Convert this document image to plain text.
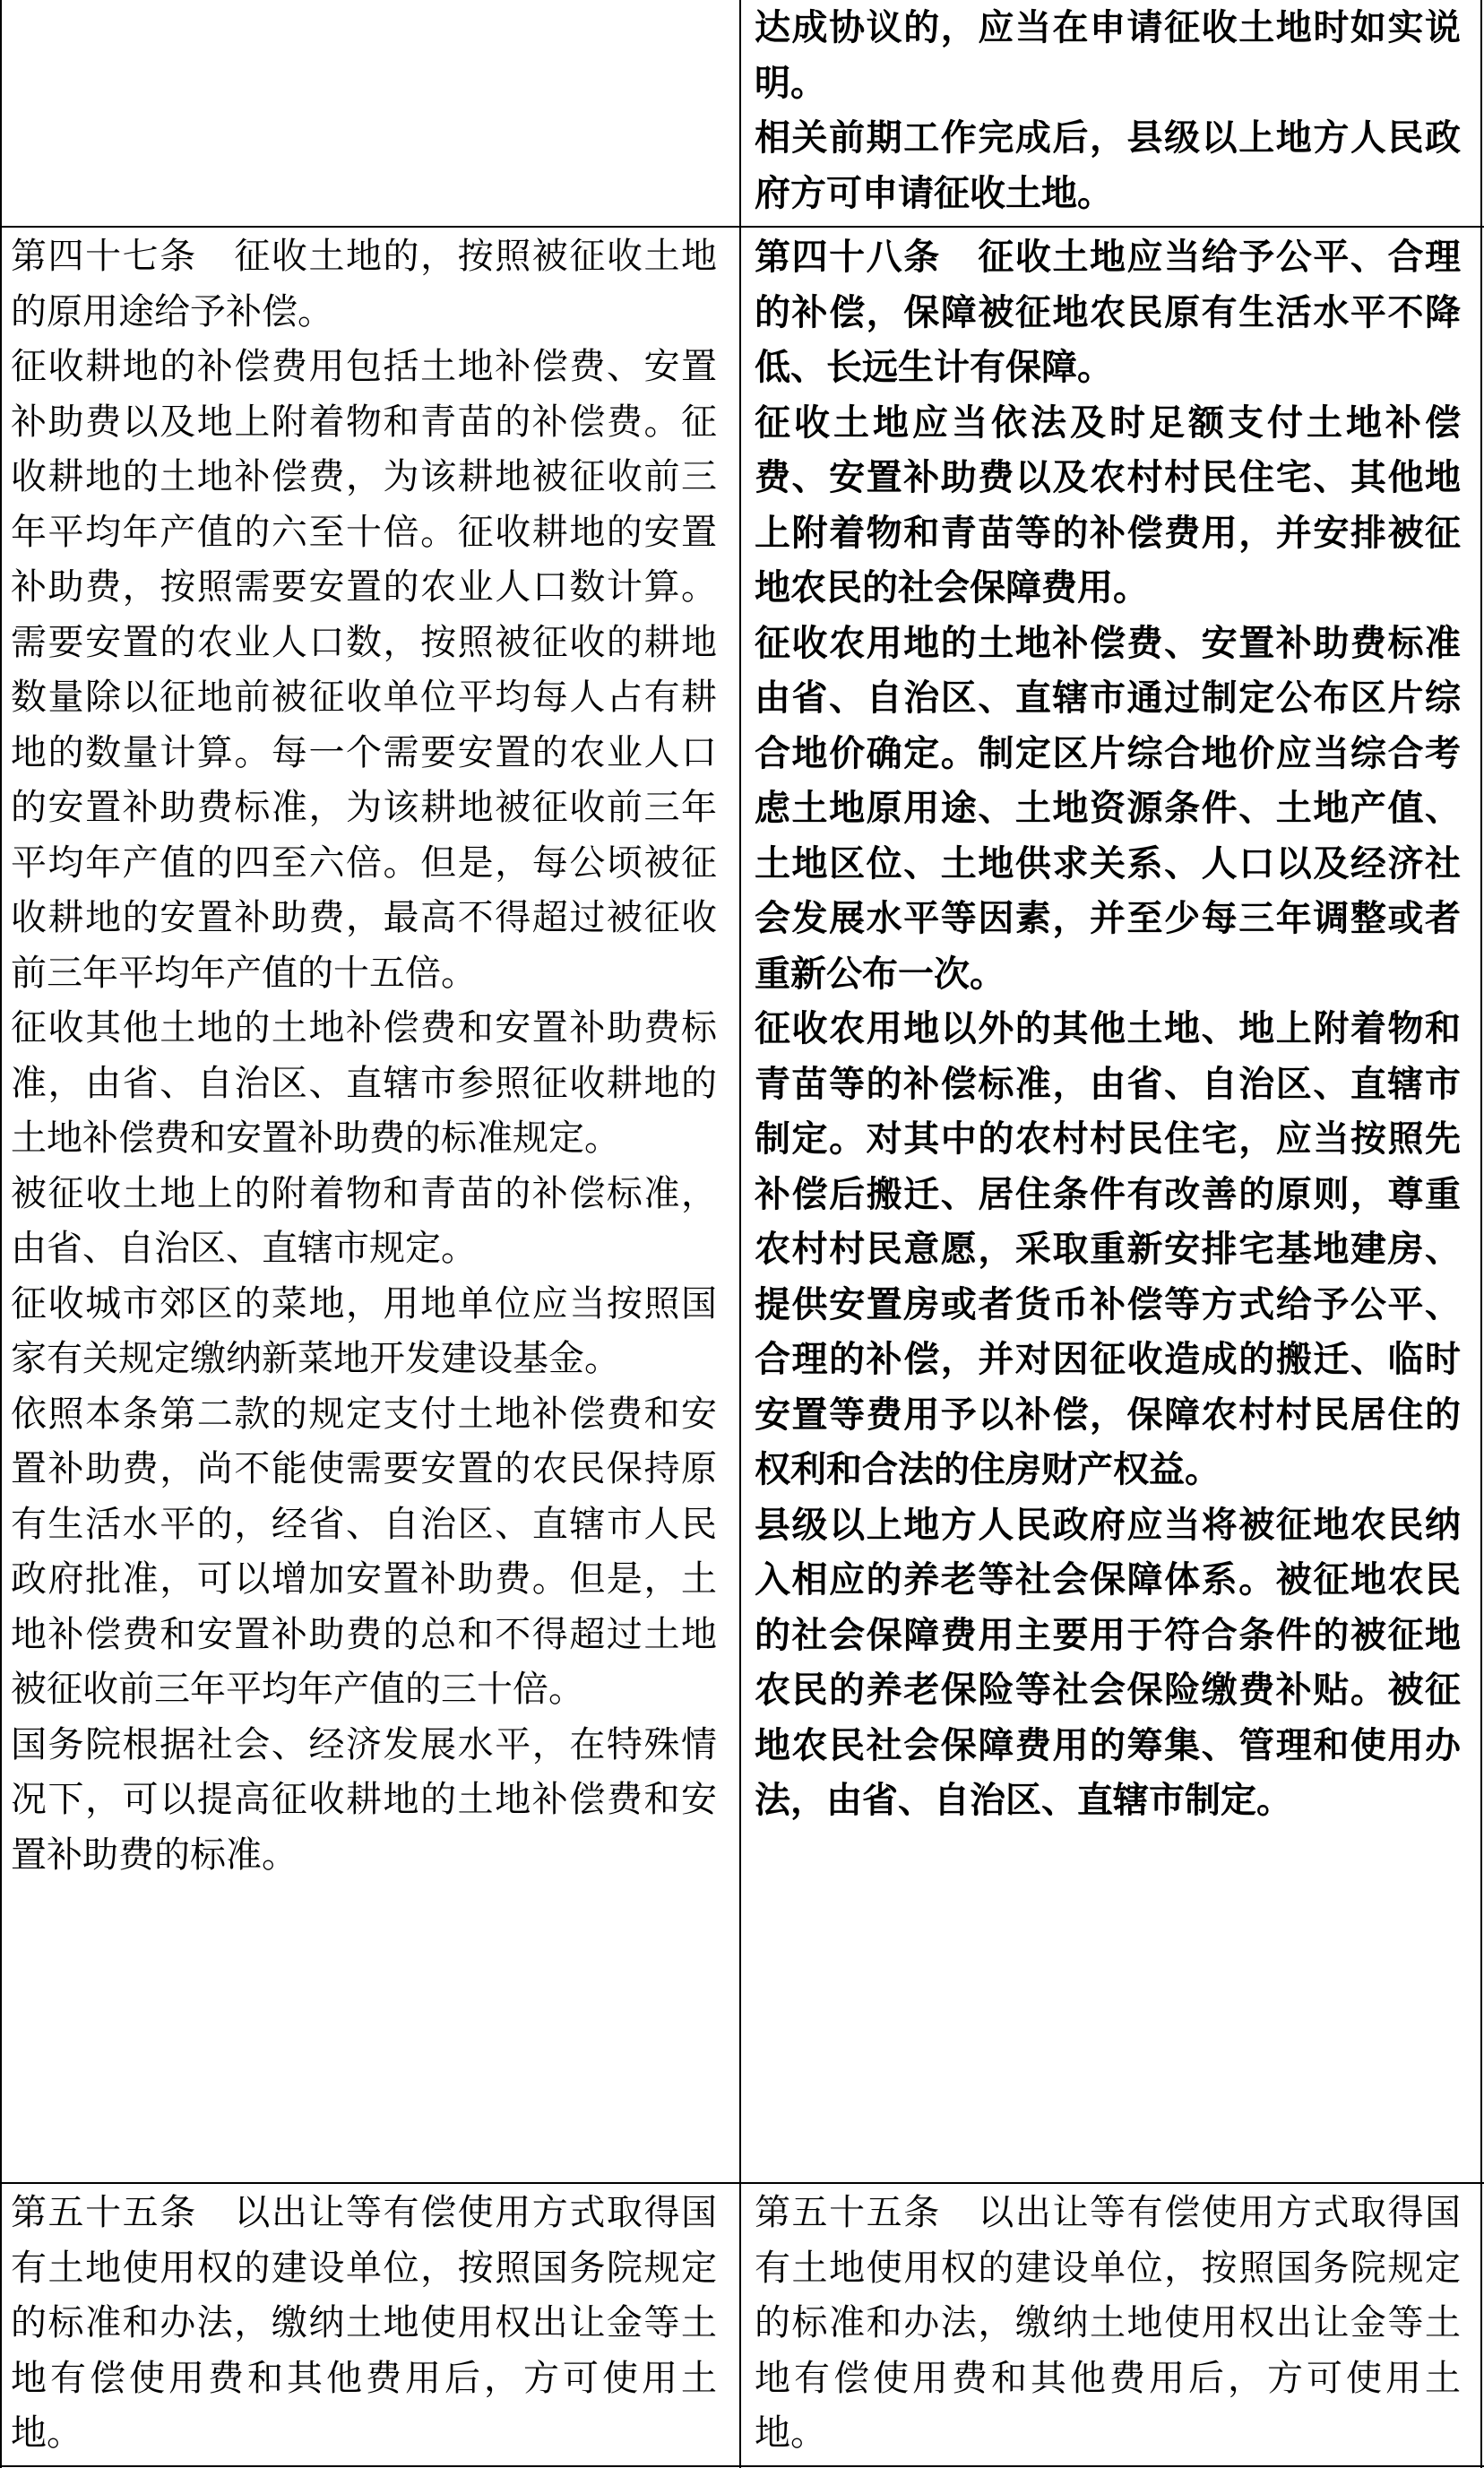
达成协议的，应当在申请征收土地时如实说明。

相关前期工作完成后，县级以上地方人民政府方可申请征收土地。

第四十七条　征收土地的，按照被征收土地的原用途给予补偿。

征收耕地的补偿费用包括土地补偿费、安置补助费以及地上附着物和青苗的补偿费。征收耕地的土地补偿费，为该耕地被征收前三年平均年产值的六至十倍。征收耕地的安置补助费，按照需要安置的农业人口数计算。需要安置的农业人口数，按照被征收的耕地数量除以征地前被征收单位平均每人占有耕地的数量计算。每一个需要安置的农业人口的安置补助费标准，为该耕地被征收前三年平均年产值的四至六倍。但是，每公顷被征收耕地的安置补助费，最高不得超过被征收前三年平均年产值的十五倍。

征收其他土地的土地补偿费和安置补助费标准，由省、自治区、直辖市参照征收耕地的土地补偿费和安置补助费的标准规定。

被征收土地上的附着物和青苗的补偿标准，由省、自治区、直辖市规定。

征收城市郊区的菜地，用地单位应当按照国家有关规定缴纳新菜地开发建设基金。

依照本条第二款的规定支付土地补偿费和安置补助费，尚不能使需要安置的农民保持原有生活水平的，经省、自治区、直辖市人民政府批准，可以增加安置补助费。但是，土地补偿费和安置补助费的总和不得超过土地被征收前三年平均年产值的三十倍。

国务院根据社会、经济发展水平，在特殊情况下，可以提高征收耕地的土地补偿费和安置补助费的标准。

第四十八条　征收土地应当给予公平、合理的补偿，保障被征地农民原有生活水平不降低、长远生计有保障。

征收土地应当依法及时足额支付土地补偿费、安置补助费以及农村村民住宅、其他地上附着物和青苗等的补偿费用，并安排被征地农民的社会保障费用。

征收农用地的土地补偿费、安置补助费标准由省、自治区、直辖市通过制定公布区片综合地价确定。制定区片综合地价应当综合考虑土地原用途、土地资源条件、土地产值、土地区位、土地供求关系、人口以及经济社会发展水平等因素，并至少每三年调整或者重新公布一次。

征收农用地以外的其他土地、地上附着物和青苗等的补偿标准，由省、自治区、直辖市制定。对其中的农村村民住宅，应当按照先补偿后搬迁、居住条件有改善的原则，尊重农村村民意愿，采取重新安排宅基地建房、提供安置房或者货币补偿等方式给予公平、合理的补偿，并对因征收造成的搬迁、临时安置等费用予以补偿，保障农村村民居住的权利和合法的住房财产权益。

县级以上地方人民政府应当将被征地农民纳入相应的养老等社会保障体系。被征地农民的社会保障费用主要用于符合条件的被征地农民的养老保险等社会保险缴费补贴。被征地农民社会保障费用的筹集、管理和使用办法，由省、自治区、直辖市制定。

第五十五条　以出让等有偿使用方式取得国有土地使用权的建设单位，按照国务院规定的标准和办法，缴纳土地使用权出让金等土地有偿使用费和其他费用后，方可使用土地。

第五十五条　以出让等有偿使用方式取得国有土地使用权的建设单位，按照国务院规定的标准和办法，缴纳土地使用权出让金等土地有偿使用费和其他费用后，方可使用土地。
